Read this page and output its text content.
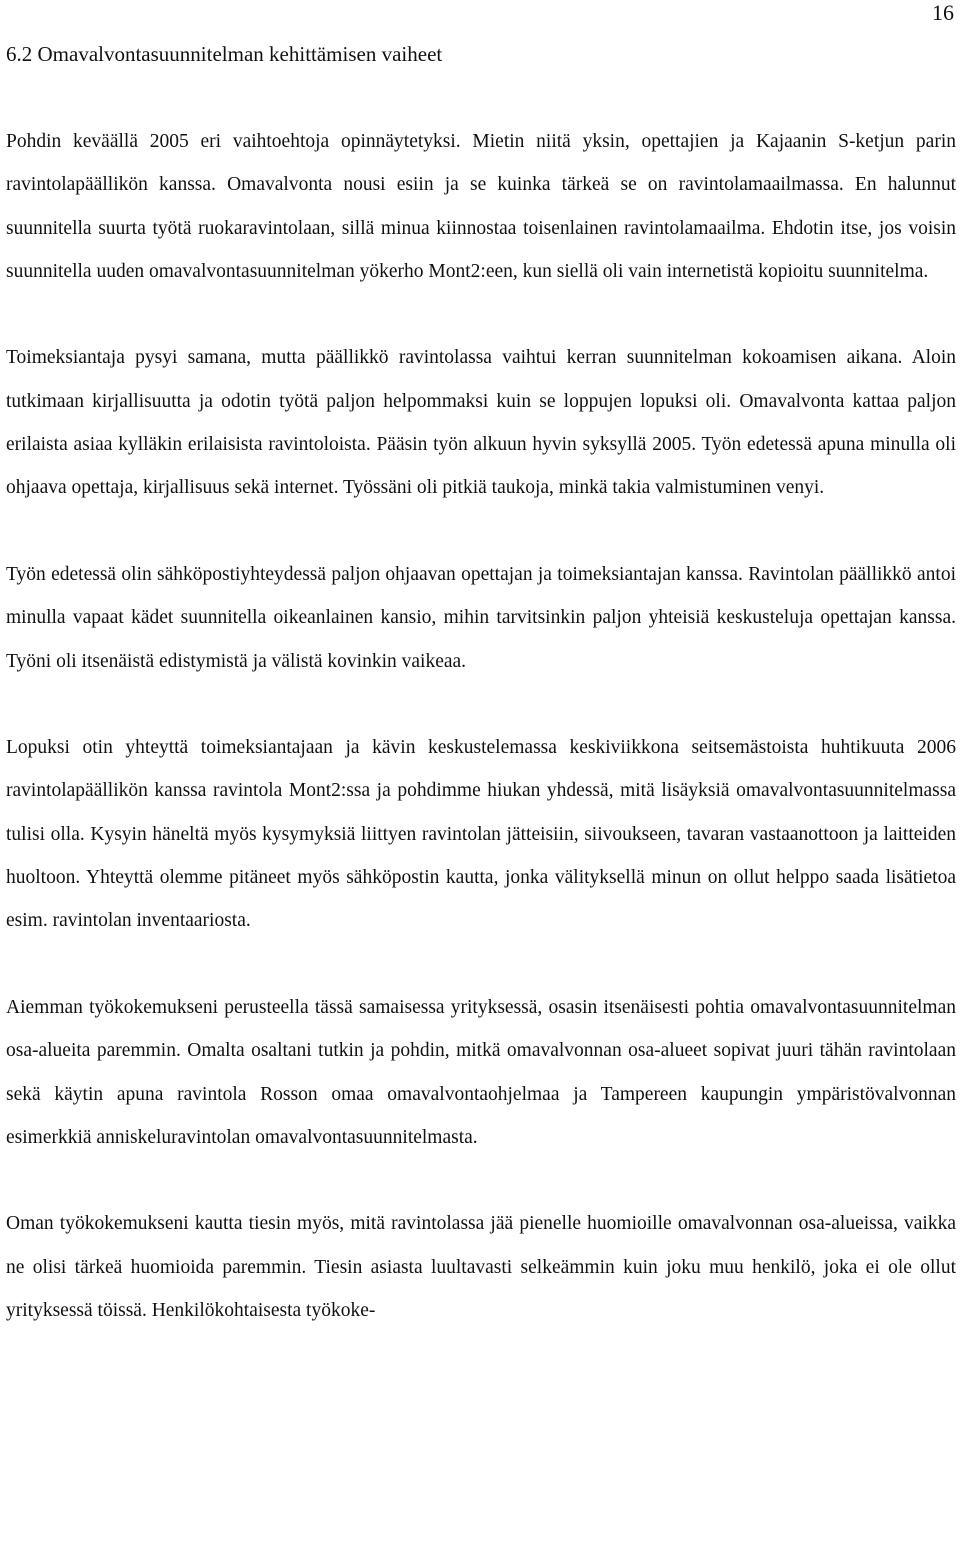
16
6.2 Omavalvontasuunnitelman kehittämisen vaiheet

Pohdin keväällä 2005 eri vaihtoehtoja opinnäytetyksi. Mietin niitä yksin, opettajien ja Kajaanin S-ketjun parin ravintolapäällikön kanssa. Omavalvonta nousi esiin ja se kuinka tärkeä se on ravintolamaailmassa. En halunnut suunnitella suurta työtä ruokaravintolaan, sillä minua kiinnostaa toisenlainen ravintolamaailma. Ehdotin itse, jos voisin suunnitella uuden omavalvontasuunnitelman yökerho Mont2:een, kun siellä oli vain internetistä kopioitu suunnitelma.

Toimeksiantaja pysyi samana, mutta päällikkö ravintolassa vaihtui kerran suunnitelman kokoamisen aikana. Aloin tutkimaan kirjallisuutta ja odotin työtä paljon helpommaksi kuin se loppujen lopuksi oli. Omavalvonta kattaa paljon erilaista asiaa kylläkin erilaisista ravintoloista. Pääsin työn alkuun hyvin syksyllä 2005. Työn edetessä apuna minulla oli ohjaava opettaja, kirjallisuus sekä internet. Työssäni oli pitkiä taukoja, minkä takia valmistuminen venyi.

Työn edetessä olin sähköpostiyhteydessä paljon ohjaavan opettajan ja toimeksiantajan kanssa. Ravintolan päällikkö antoi minulla vapaat kädet suunnitella oikeanlainen kansio, mihin tarvitsinkin paljon yhteisiä keskusteluja opettajan kanssa. Työni oli itsenäistä edistymistä ja välistä kovinkin vaikeaa.

Lopuksi otin yhteyttä toimeksiantajaan ja kävin keskustelemassa keskiviikkona seitsemästoista huhtikuuta 2006 ravintolapäällikön kanssa ravintola Mont2:ssa ja pohdimme hiukan yhdessä, mitä lisäyksiä omavalvontasuunnitelmassa tulisi olla. Kysyin häneltä myös kysymyksiä liittyen ravintolan jätteisiin, siivoukseen, tavaran vastaanottoon ja laitteiden huoltoon. Yhteyttä olemme pitäneet myös sähköpostin kautta, jonka välityksellä minun on ollut helppo saada lisätietoa esim. ravintolan inventaariosta.

Aiemman työkokemukseni perusteella tässä samaisessa yrityksessä, osasin itsenäisesti pohtia omavalvontasuunnitelman osa-alueita paremmin. Omalta osaltani tutkin ja pohdin, mitkä omavalvonnan osa-alueet sopivat juuri tähän ravintolaan sekä käytin apuna ravintola Rosson omaa omavalvontaohjelmaa ja Tampereen kaupungin ympäristövalvonnan esimerkkiä anniskeluravintolan omavalvontasuunnitelmasta.

Oman työkokemukseni kautta tiesin myös, mitä ravintolassa jää pienelle huomioille omavalvonnan osa-alueissa, vaikka ne olisi tärkeä huomioida paremmin. Tiesin asiasta luultavasti selkeämmin kuin joku muu henkilö, joka ei ole ollut yrityksessä töissä. Henkilökohtaisesta työkoke-
